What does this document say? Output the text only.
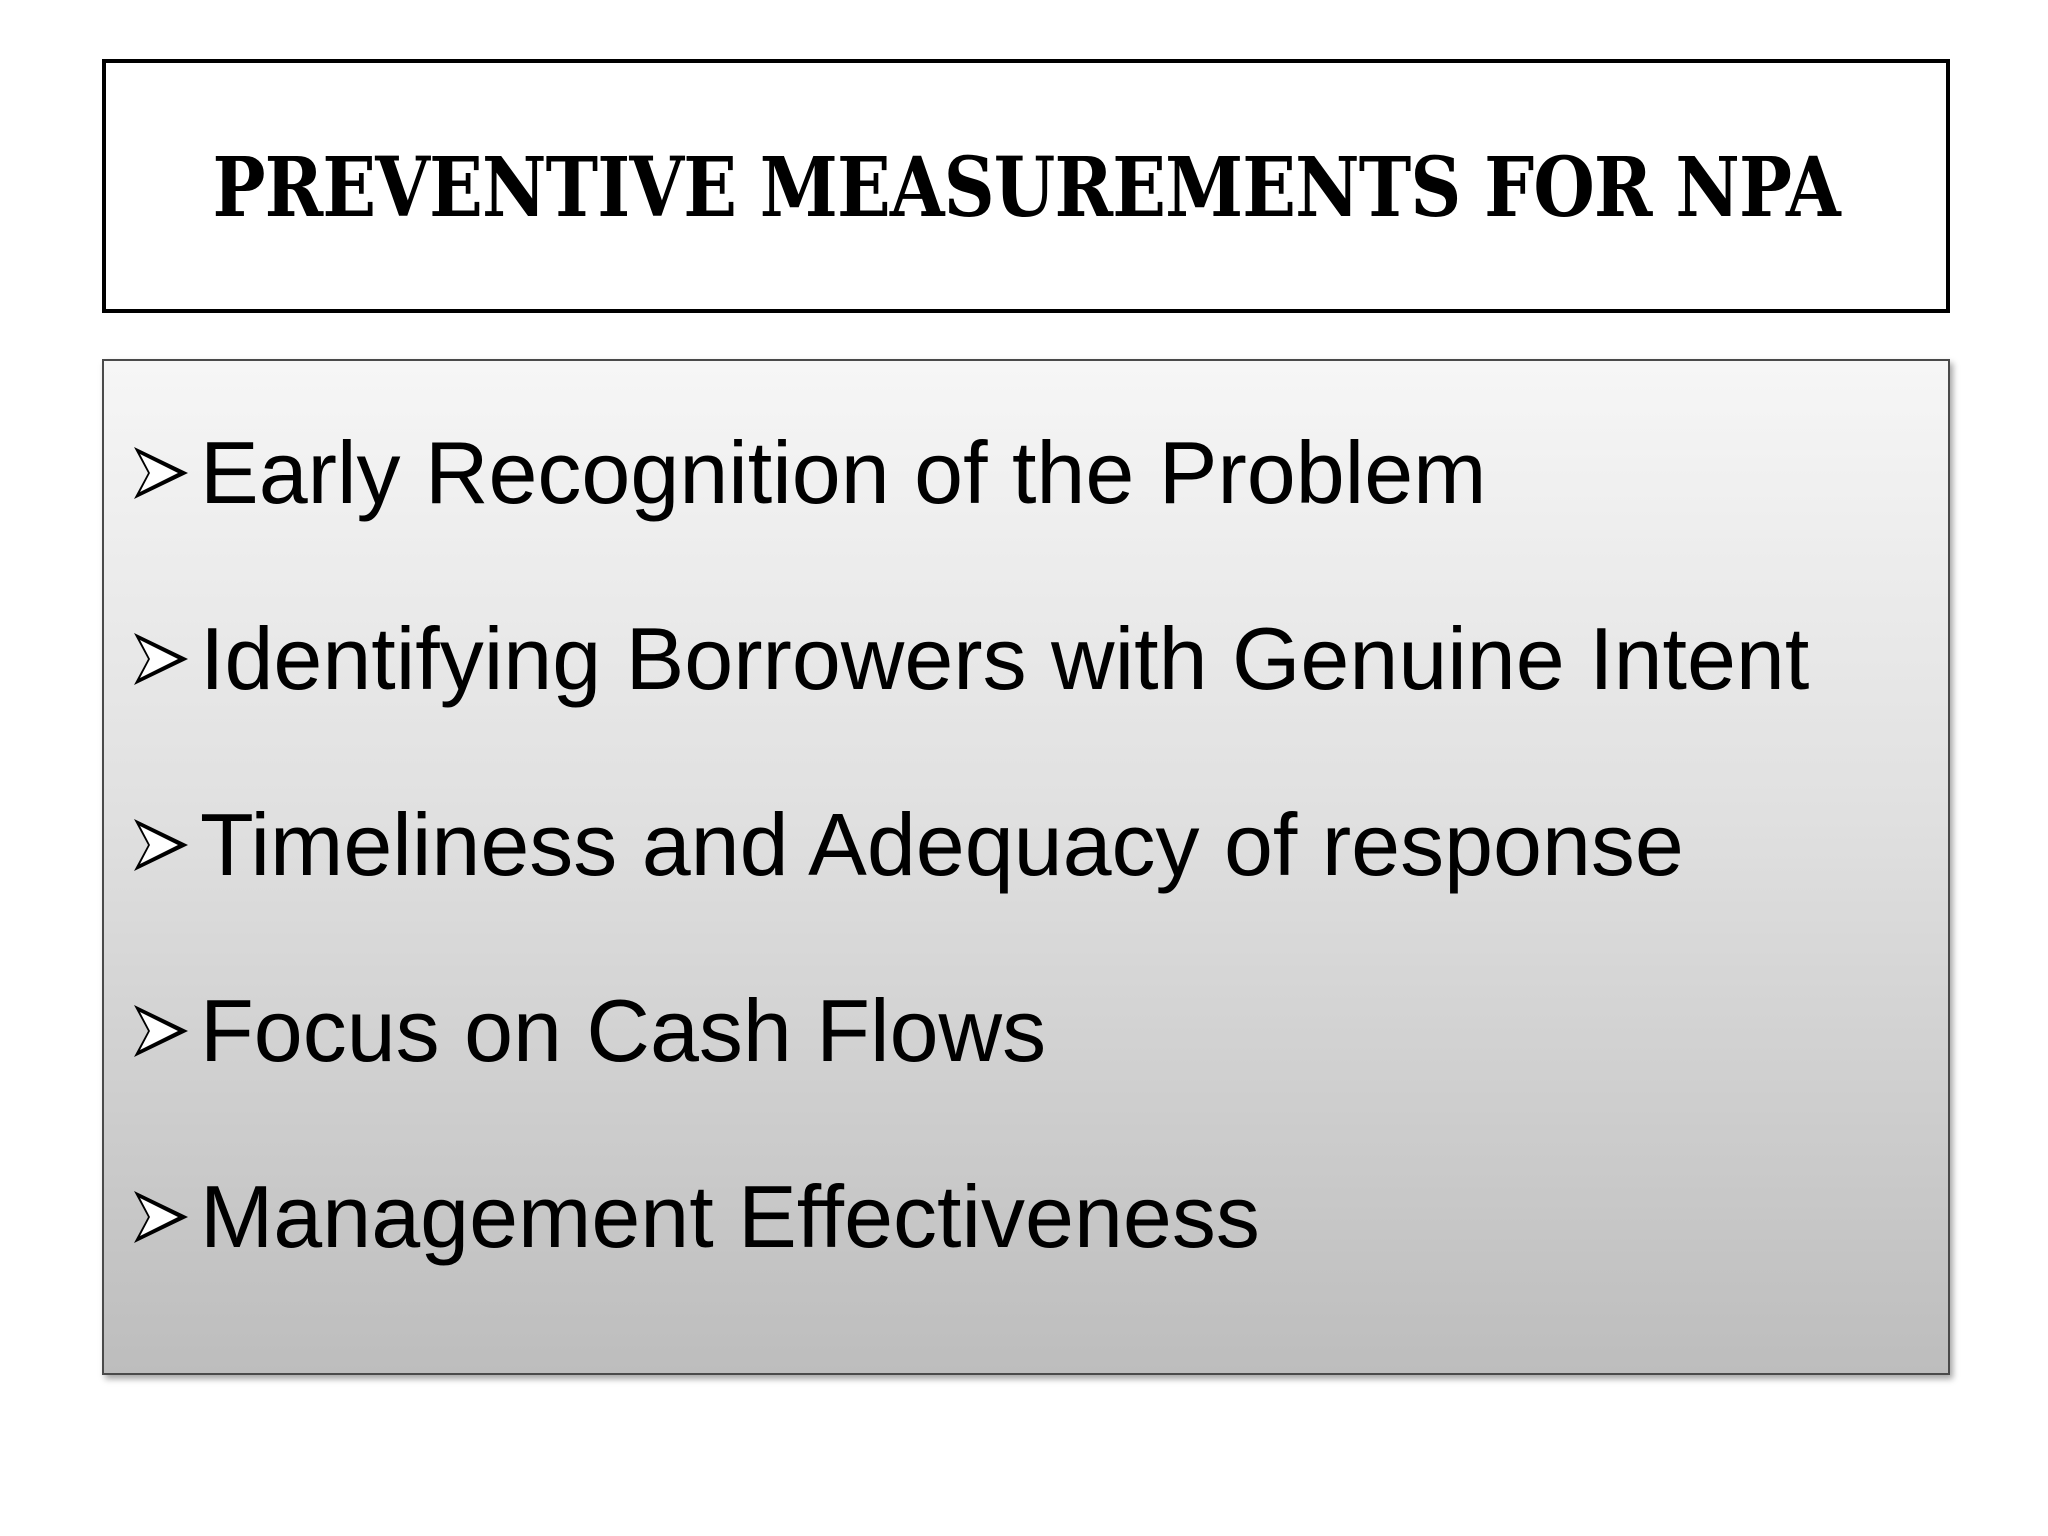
PREVENTIVE MEASUREMENTS FOR NPA
Early Recognition of the Problem
Identifying Borrowers with Genuine Intent
Timeliness and Adequacy of response
Focus on Cash Flows
Management Effectiveness
